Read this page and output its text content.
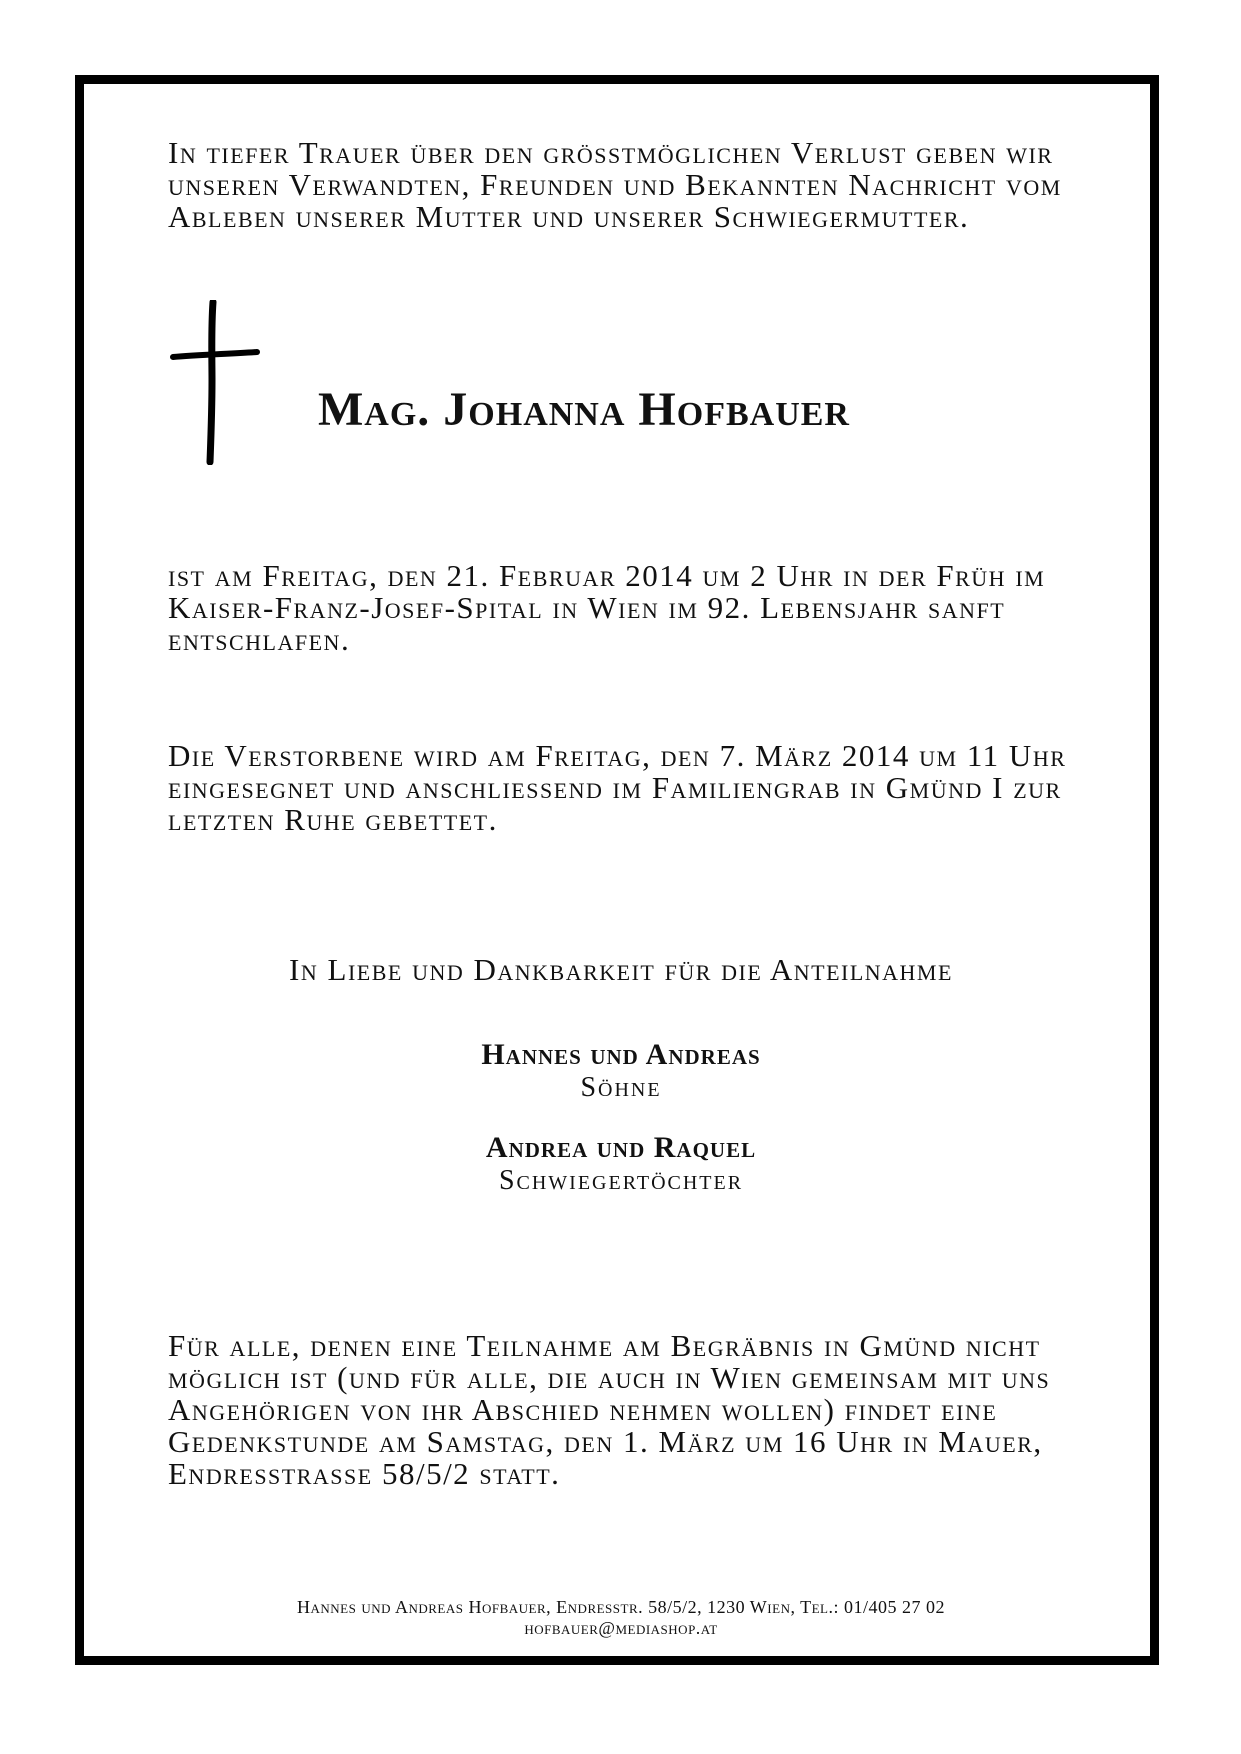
In tiefer Trauer über den grösstmöglichen Verlust geben wir unseren Verwandten, Freunden und Bekannten Nachricht vom Ableben unserer Mutter und unserer Schwiegermutter.
Mag. Johanna Hofbauer
ist am Freitag, den 21. Februar 2014 um 2 Uhr in der Früh im Kaiser-Franz-Josef-Spital in Wien im 92. Lebensjahr sanft entschlafen.
Die Verstorbene wird am Freitag, den 7. März 2014 um 11 Uhr eingesegnet und anschliessend im Familiengrab in Gmünd I zur letzten Ruhe gebettet.
In Liebe und Dankbarkeit für die Anteilnahme
Hannes und Andreas
Söhne
Andrea und Raquel
Schwiegertöchter
Für alle, denen eine Teilnahme am Begräbnis in Gmünd nicht möglich ist (und für alle, die auch in Wien gemeinsam mit uns Angehörigen von ihr Abschied nehmen wollen) findet eine Gedenkstunde am Samstag, den 1. März um 16 Uhr in Mauer, Endresstrasse 58/5/2 statt.
Hannes und Andreas Hofbauer, Endresstr. 58/5/2, 1230 Wien, Tel.: 01/405 27 02
hofbauer@mediashop.at
